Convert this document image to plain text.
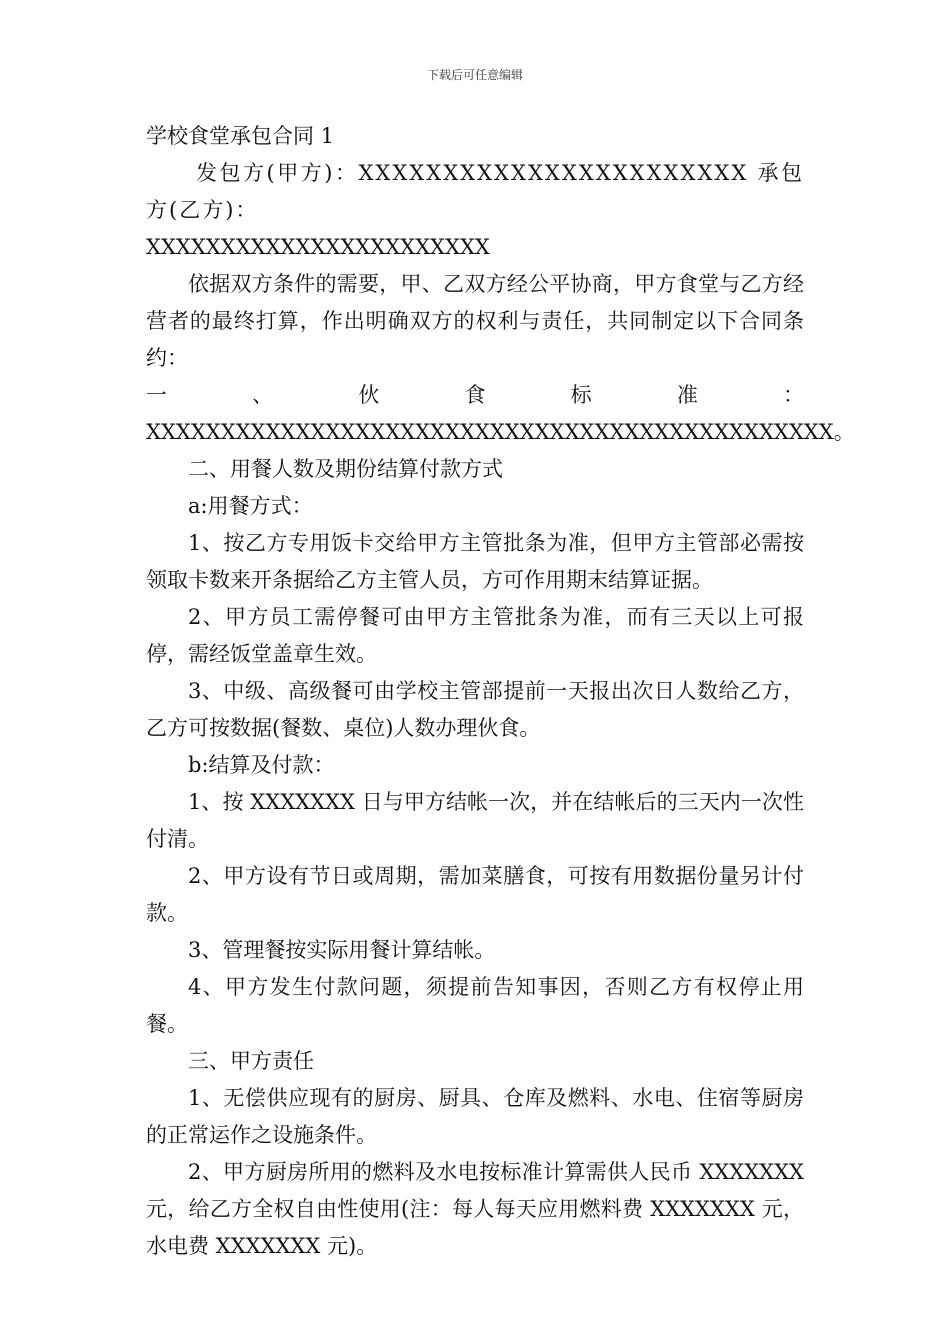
下载后可任意编辑

学校食堂承包合同 1

发包方(甲方)：XXXXXXXXXXXXXXXXXXXXXXX 承包方(乙方)：

XXXXXXXXXXXXXXXXXXXXXXX

依据双方条件的需要，甲、乙双方经公平协商，甲方食堂与乙方经营者的最终打算，作出明确双方的权利与责任，共同制定以下合同条约：

一 、 伙 食 标 准 ：

XXXXXXXXXXXXXXXXXXXXXXXXXXXXXXXXXXXXXXXXXXXXXX。

二、用餐人数及期份结算付款方式

a:用餐方式：

1、按乙方专用饭卡交给甲方主管批条为准，但甲方主管部必需按领取卡数来开条据给乙方主管人员，方可作用期末结算证据。

2、甲方员工需停餐可由甲方主管批条为准，而有三天以上可报停，需经饭堂盖章生效。

3、中级、高级餐可由学校主管部提前一天报出次日人数给乙方，乙方可按数据(餐数、桌位)人数办理伙食。

b:结算及付款：

1、按 XXXXXXX 日与甲方结帐一次，并在结帐后的三天内一次性付清。

2、甲方设有节日或周期，需加菜膳食，可按有用数据份量另计付款。

3、管理餐按实际用餐计算结帐。

4、甲方发生付款问题，须提前告知事因，否则乙方有权停止用餐。

三、甲方责任

1、无偿供应现有的厨房、厨具、仓库及燃料、水电、住宿等厨房的正常运作之设施条件。

2、甲方厨房所用的燃料及水电按标准计算需供人民币 XXXXXXX 元，给乙方全权自由性使用(注：每人每天应用燃料费 XXXXXXX 元，水电费 XXXXXXX 元)。
